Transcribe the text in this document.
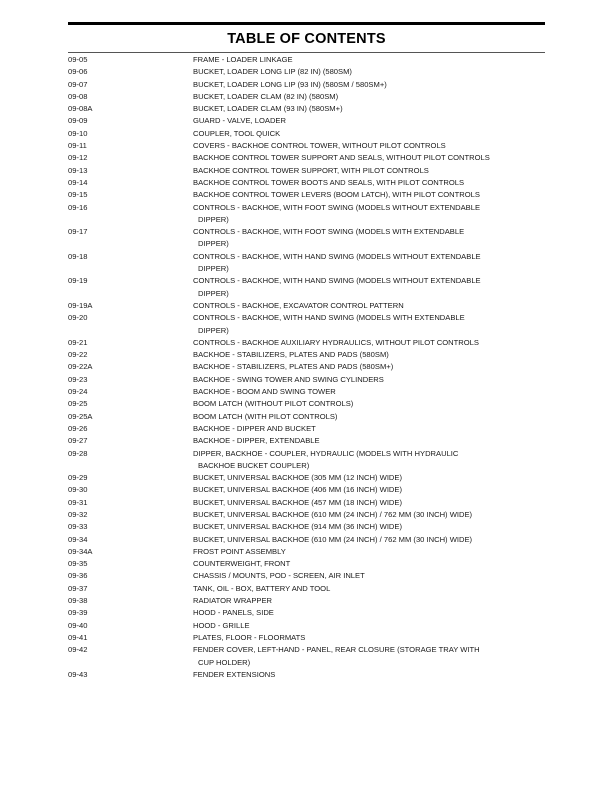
TABLE OF CONTENTS
09-05	FRAME - LOADER LINKAGE
09-06	BUCKET, LOADER LONG LIP (82 IN) (580SM)
09-07	BUCKET, LOADER LONG LIP (93 IN) (580SM / 580SM+)
09-08	BUCKET, LOADER CLAM (82 IN) (580SM)
09-08A	BUCKET, LOADER CLAM (93 IN) (580SM+)
09-09	GUARD - VALVE, LOADER
09-10	COUPLER, TOOL QUICK
09-11	COVERS - BACKHOE CONTROL TOWER, WITHOUT PILOT CONTROLS
09-12	BACKHOE CONTROL TOWER SUPPORT AND SEALS, WITHOUT PILOT CONTROLS
09-13	BACKHOE CONTROL TOWER SUPPORT, WITH PILOT CONTROLS
09-14	BACKHOE CONTROL TOWER BOOTS AND SEALS, WITH PILOT CONTROLS
09-15	BACKHOE CONTROL TOWER LEVERS (BOOM LATCH), WITH PILOT CONTROLS
09-16	CONTROLS - BACKHOE, WITH FOOT SWING (MODELS WITHOUT EXTENDABLE
DIPPER)
09-17	CONTROLS - BACKHOE, WITH FOOT SWING (MODELS WITH EXTENDABLE
DIPPER)
09-18	CONTROLS - BACKHOE, WITH HAND SWING (MODELS WITHOUT EXTENDABLE
DIPPER)
09-19	CONTROLS - BACKHOE, WITH HAND SWING (MODELS WITHOUT EXTENDABLE
DIPPER)
09-19A	CONTROLS - BACKHOE, EXCAVATOR CONTROL PATTERN
09-20	CONTROLS - BACKHOE, WITH HAND SWING (MODELS WITH EXTENDABLE
DIPPER)
09-21	CONTROLS - BACKHOE AUXILIARY HYDRAULICS, WITHOUT PILOT CONTROLS
09-22	BACKHOE - STABILIZERS, PLATES AND PADS (580SM)
09-22A	BACKHOE - STABILIZERS, PLATES AND PADS (580SM+)
09-23	BACKHOE - SWING TOWER AND SWING CYLINDERS
09-24	BACKHOE - BOOM AND SWING TOWER
09-25	BOOM LATCH (WITHOUT PILOT CONTROLS)
09-25A	BOOM LATCH (WITH PILOT CONTROLS)
09-26	BACKHOE - DIPPER AND BUCKET
09-27	BACKHOE - DIPPER, EXTENDABLE
09-28	DIPPER, BACKHOE - COUPLER, HYDRAULIC (MODELS WITH HYDRAULIC
BACKHOE BUCKET COUPLER)
09-29	BUCKET, UNIVERSAL BACKHOE (305 MM (12 INCH) WIDE)
09-30	BUCKET, UNIVERSAL BACKHOE (406 MM (16 INCH) WIDE)
09-31	BUCKET, UNIVERSAL BACKHOE (457 MM (18 INCH) WIDE)
09-32	BUCKET, UNIVERSAL BACKHOE (610 MM (24 INCH) / 762 MM (30 INCH) WIDE)
09-33	BUCKET, UNIVERSAL BACKHOE (914 MM (36 INCH) WIDE)
09-34	BUCKET, UNIVERSAL BACKHOE (610 MM (24 INCH) / 762 MM (30 INCH) WIDE)
09-34A	FROST POINT ASSEMBLY
09-35	COUNTERWEIGHT, FRONT
09-36	CHASSIS / MOUNTS, POD - SCREEN, AIR INLET
09-37	TANK, OIL - BOX, BATTERY AND TOOL
09-38	RADIATOR WRAPPER
09-39	HOOD - PANELS, SIDE
09-40	HOOD - GRILLE
09-41	PLATES, FLOOR - FLOORMATS
09-42	FENDER COVER, LEFT-HAND - PANEL, REAR CLOSURE (STORAGE TRAY WITH
CUP HOLDER)
09-43	FENDER EXTENSIONS
